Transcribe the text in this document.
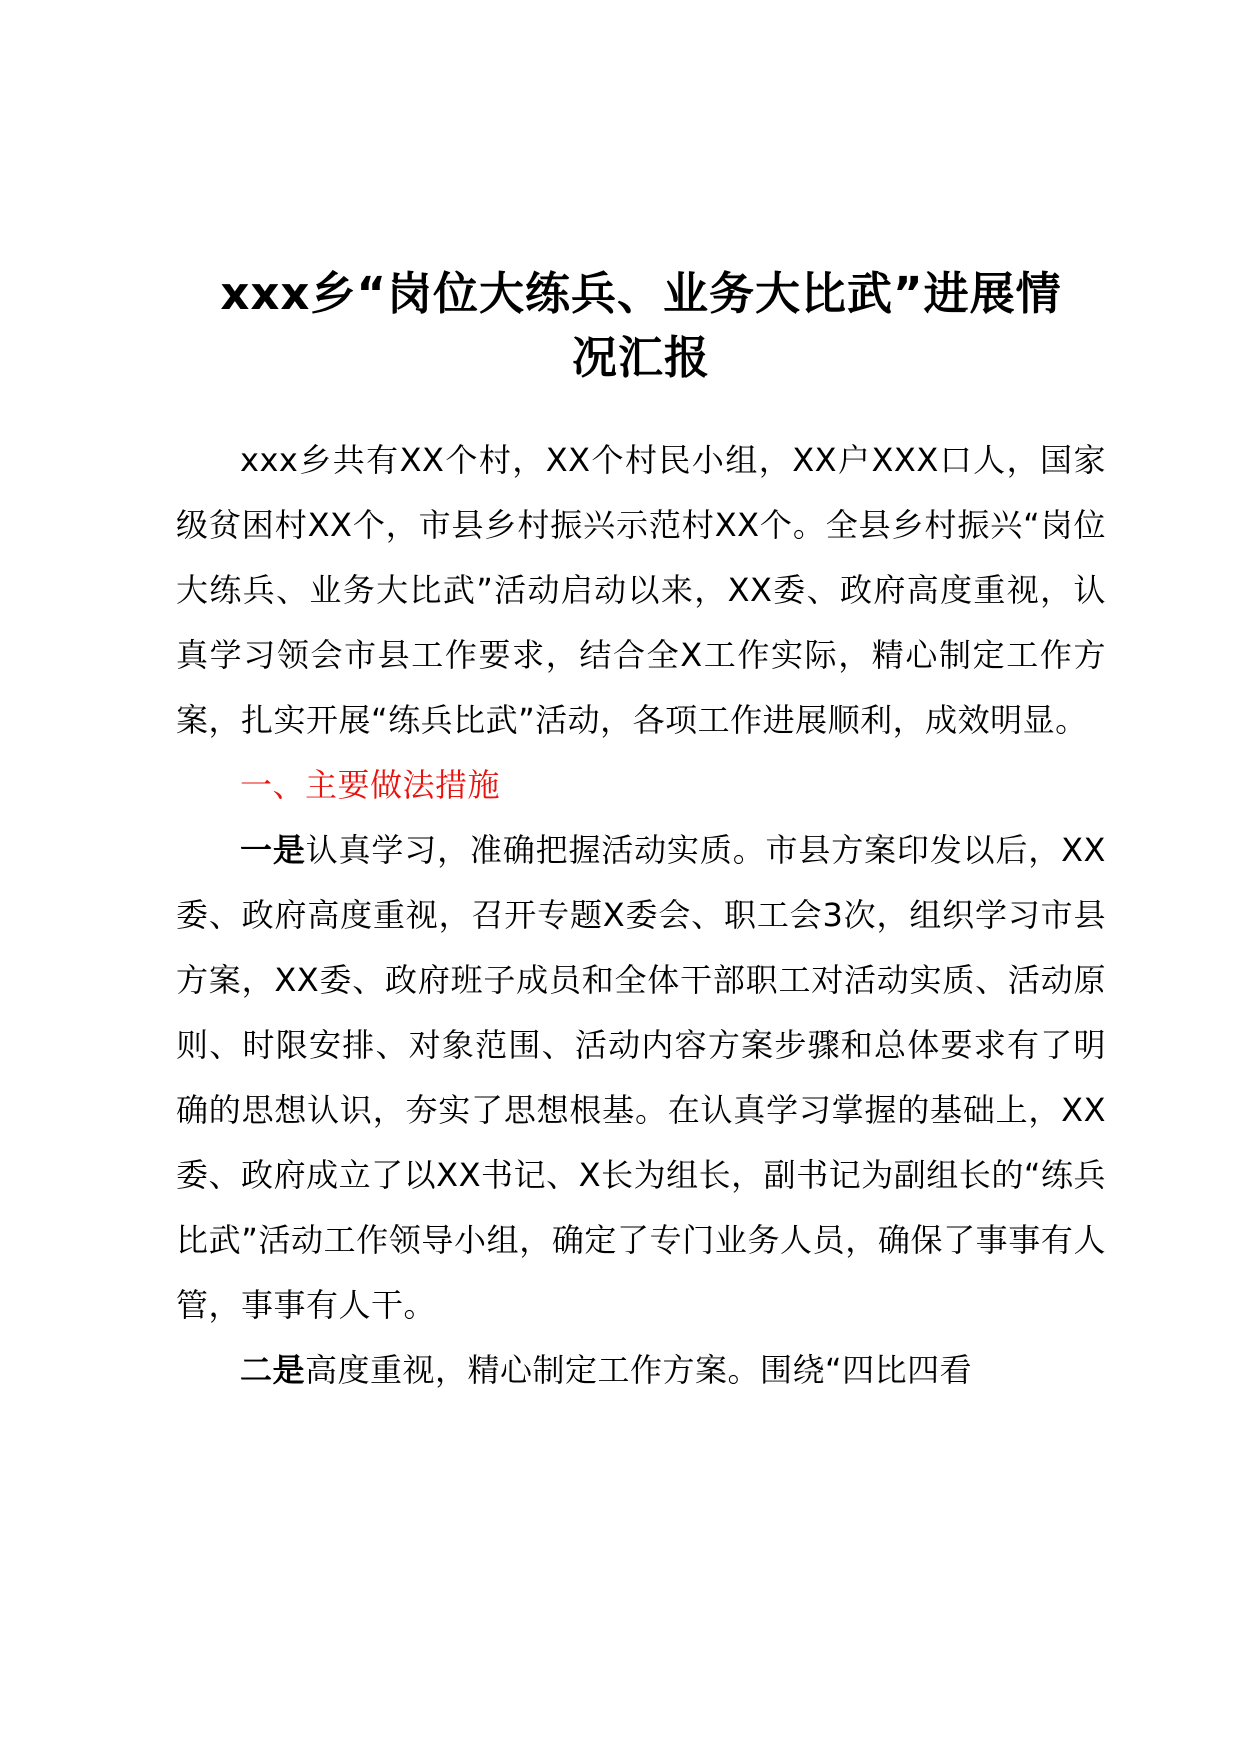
xxx乡“岗位大练兵、业务大比武”进展情
况汇报

xxx乡共有XX个村，XX个村民小组，XX户XXX口人，国家级贫困村XX个，市县乡村振兴示范村XX个。全县乡村振兴“岗位大练兵、业务大比武”活动启动以来，XX委、政府高度重视，认真学习领会市县工作要求，结合全X工作实际，精心制定工作方案，扎实开展“练兵比武”活动，各项工作进展顺利，成效明显。

一、主要做法措施

一是认真学习，准确把握活动实质。市县方案印发以后，XX委、政府高度重视，召开专题X委会、职工会3次，组织学习市县方案，XX委、政府班子成员和全体干部职工对活动实质、活动原则、时限安排、对象范围、活动内容方案步骤和总体要求有了明确的思想认识，夯实了思想根基。在认真学习掌握的基础上，XX委、政府成立了以XX书记、X长为组长，副书记为副组长的“练兵比武”活动工作领导小组，确定了专门业务人员，确保了事事有人管，事事有人干。

二是高度重视，精心制定工作方案。围绕“四比四看
